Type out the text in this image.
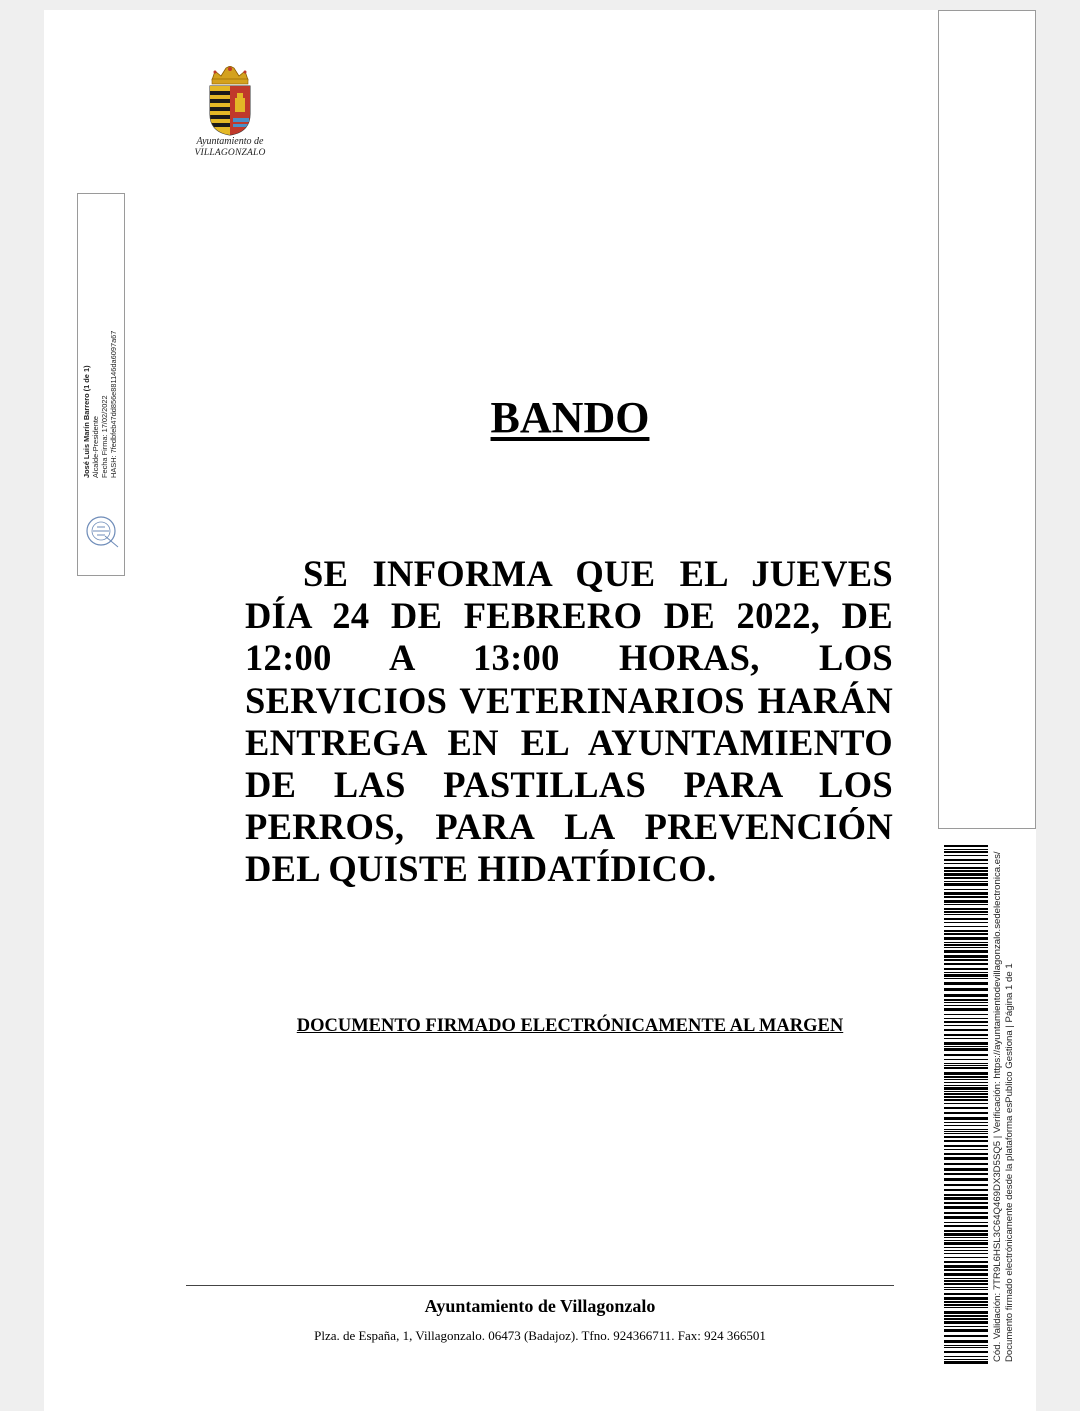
Ayuntamiento de
VILLAGONZALO
José Luis Marín Barrero (1 de 1) Alcalde-Presidente Fecha Firma: 17/02/2022 HASH: 7fedbfeb47dd856e881146da6097a67
Cód. Validación: 7TR9L6HSL3C64Q469DX3D5SQ5 | Verificación: https://ayuntamientodevillagonzalo.sedelectronica.es/ Documento firmado electrónicamente desde la plataforma esPublico Gestiona | Página 1 de 1
BANDO

SE INFORMA QUE EL JUEVES DÍA 24 DE FEBRERO DE 2022, DE 12:00 A 13:00 HORAS, LOS SERVICIOS VETERINARIOS HARÁN ENTREGA EN EL AYUNTAMIENTO DE LAS PASTILLAS PARA LOS PERROS, PARA LA PREVENCIÓN DEL QUISTE HIDATÍDICO.

DOCUMENTO FIRMADO ELECTRÓNICAMENTE AL MARGEN
Ayuntamiento de Villagonzalo
Plza. de España, 1, Villagonzalo. 06473 (Badajoz). Tfno. 924366711. Fax: 924 366501
